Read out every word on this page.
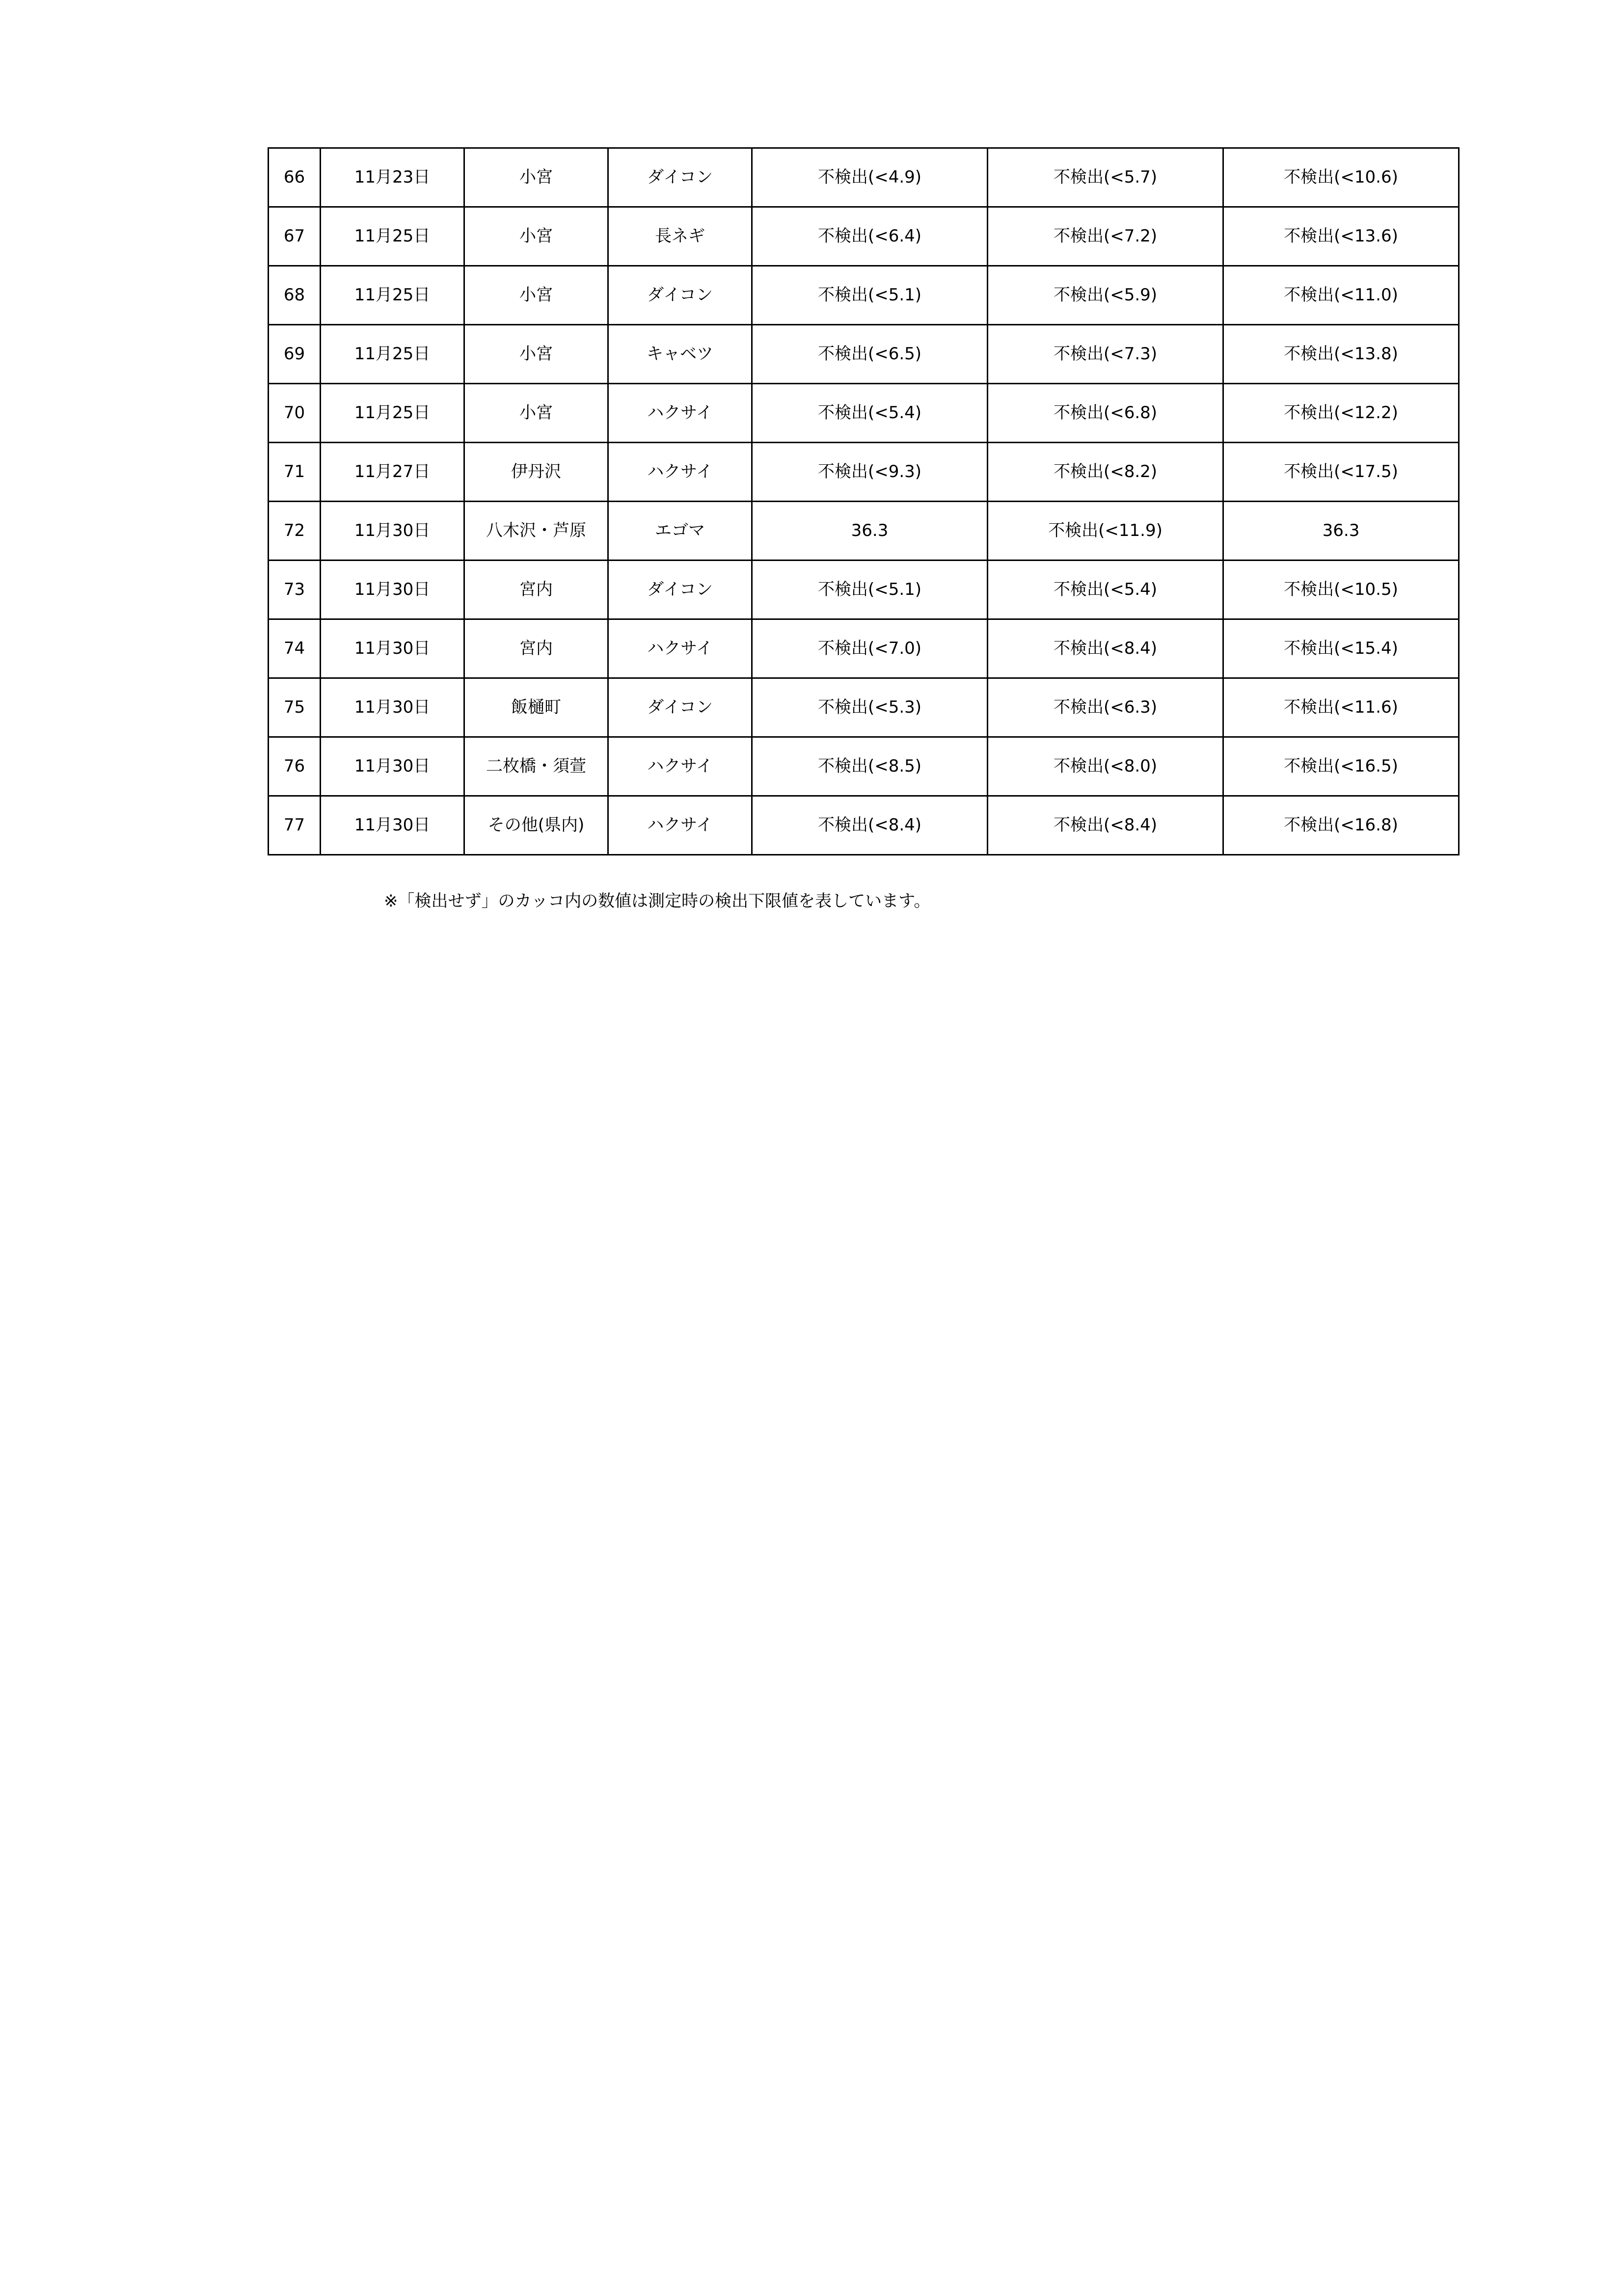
66	11月23日	小宮	ダイコン	不検出(<4.9)	不検出(<5.7)	不検出(<10.6)
67	11月25日	小宮	長ネギ	不検出(<6.4)	不検出(<7.2)	不検出(<13.6)
68	11月25日	小宮	ダイコン	不検出(<5.1)	不検出(<5.9)	不検出(<11.0)
69	11月25日	小宮	キャベツ	不検出(<6.5)	不検出(<7.3)	不検出(<13.8)
70	11月25日	小宮	ハクサイ	不検出(<5.4)	不検出(<6.8)	不検出(<12.2)
71	11月27日	伊丹沢	ハクサイ	不検出(<9.3)	不検出(<8.2)	不検出(<17.5)
72	11月30日	八木沢・芦原	エゴマ	36.3	不検出(<11.9)	36.3
73	11月30日	宮内	ダイコン	不検出(<5.1)	不検出(<5.4)	不検出(<10.5)
74	11月30日	宮内	ハクサイ	不検出(<7.0)	不検出(<8.4)	不検出(<15.4)
75	11月30日	飯樋町	ダイコン	不検出(<5.3)	不検出(<6.3)	不検出(<11.6)
76	11月30日	二枚橋・須萱	ハクサイ	不検出(<8.5)	不検出(<8.0)	不検出(<16.5)
77	11月30日	その他(県内)	ハクサイ	不検出(<8.4)	不検出(<8.4)	不検出(<16.8)
※「検出せず」のカッコ内の数値は測定時の検出下限値を表しています。
